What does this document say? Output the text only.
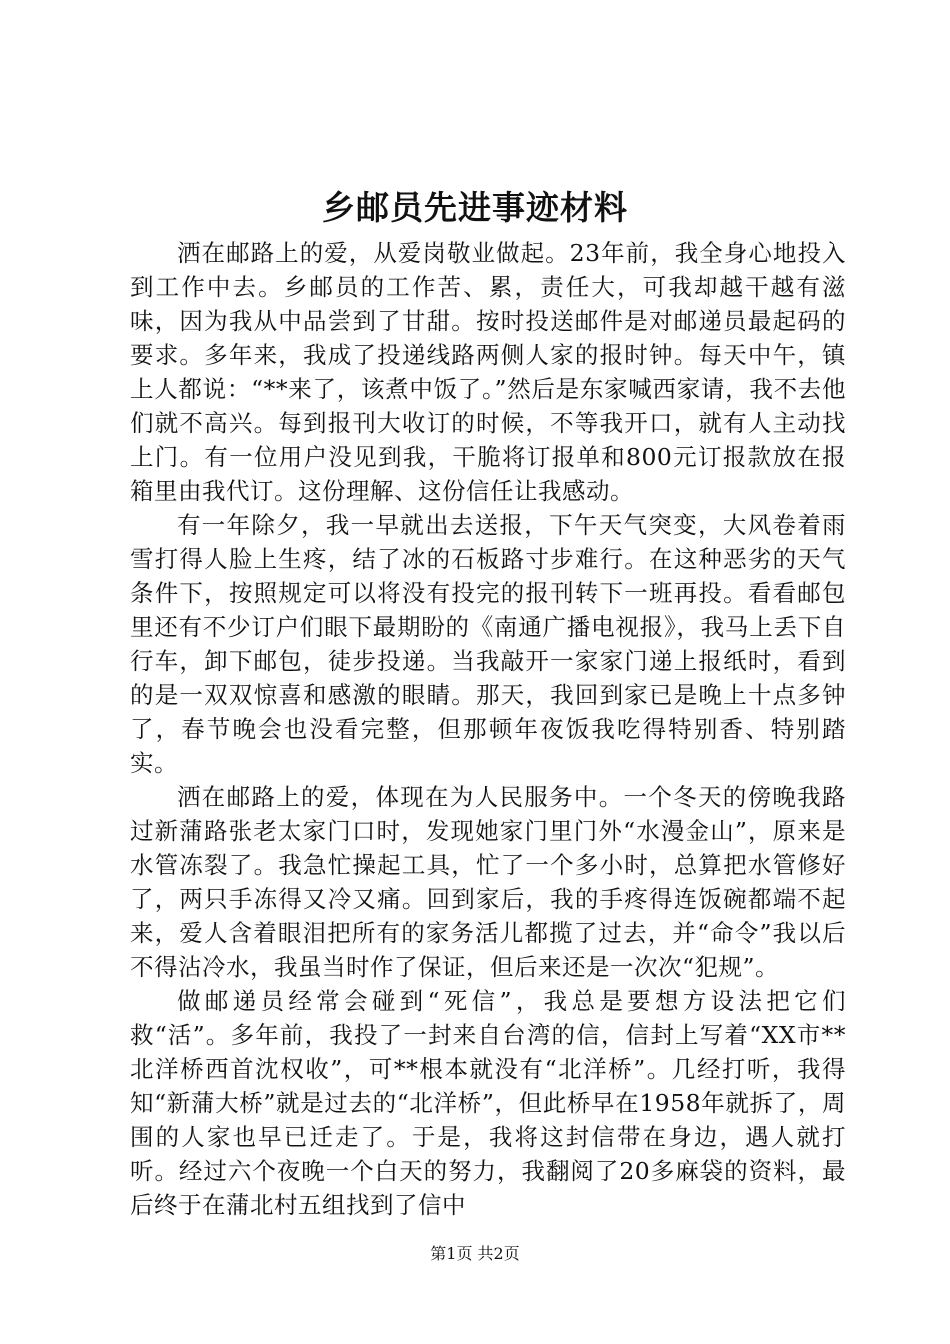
乡邮员先进事迹材料

洒在邮路上的爱，从爱岗敬业做起。23年前，我全身心地投入到工作中去。乡邮员的工作苦、累，责任大，可我却越干越有滋味，因为我从中品尝到了甘甜。按时投送邮件是对邮递员最起码的要求。多年来，我成了投递线路两侧人家的报时钟。每天中午，镇上人都说：“**来了，该煮中饭了。”然后是东家喊西家请，我不去他们就不高兴。每到报刊大收订的时候，不等我开口，就有人主动找上门。有一位用户没见到我，干脆将订报单和800元订报款放在报箱里由我代订。这份理解、这份信任让我感动。

有一年除夕，我一早就出去送报，下午天气突变，大风卷着雨雪打得人脸上生疼，结了冰的石板路寸步难行。在这种恶劣的天气条件下，按照规定可以将没有投完的报刊转下一班再投。看看邮包里还有不少订户们眼下最期盼的《南通广播电视报》，我马上丢下自行车，卸下邮包，徒步投递。当我敲开一家家门递上报纸时，看到的是一双双惊喜和感激的眼睛。那天，我回到家已是晚上十点多钟了，春节晚会也没看完整，但那顿年夜饭我吃得特别香、特别踏实。

洒在邮路上的爱，体现在为人民服务中。一个冬天的傍晚我路过新蒲路张老太家门口时，发现她家门里门外“水漫金山”，原来是水管冻裂了。我急忙操起工具，忙了一个多小时，总算把水管修好了，两只手冻得又冷又痛。回到家后，我的手疼得连饭碗都端不起来，爱人含着眼泪把所有的家务活儿都揽了过去，并“命令”我以后不得沾冷水，我虽当时作了保证，但后来还是一次次“犯规”。

做邮递员经常会碰到“死信”，我总是要想方设法把它们救“活”。多年前，我投了一封来自台湾的信，信封上写着“XX市**北洋桥西首沈权收”，可**根本就没有“北洋桥”。几经打听，我得知“新蒲大桥”就是过去的“北洋桥”，但此桥早在1958年就拆了，周围的人家也早已迁走了。于是，我将这封信带在身边，遇人就打听。经过六个夜晚一个白天的努力，我翻阅了20多麻袋的资料，最后终于在蒲北村五组找到了信中

第1页 共2页
